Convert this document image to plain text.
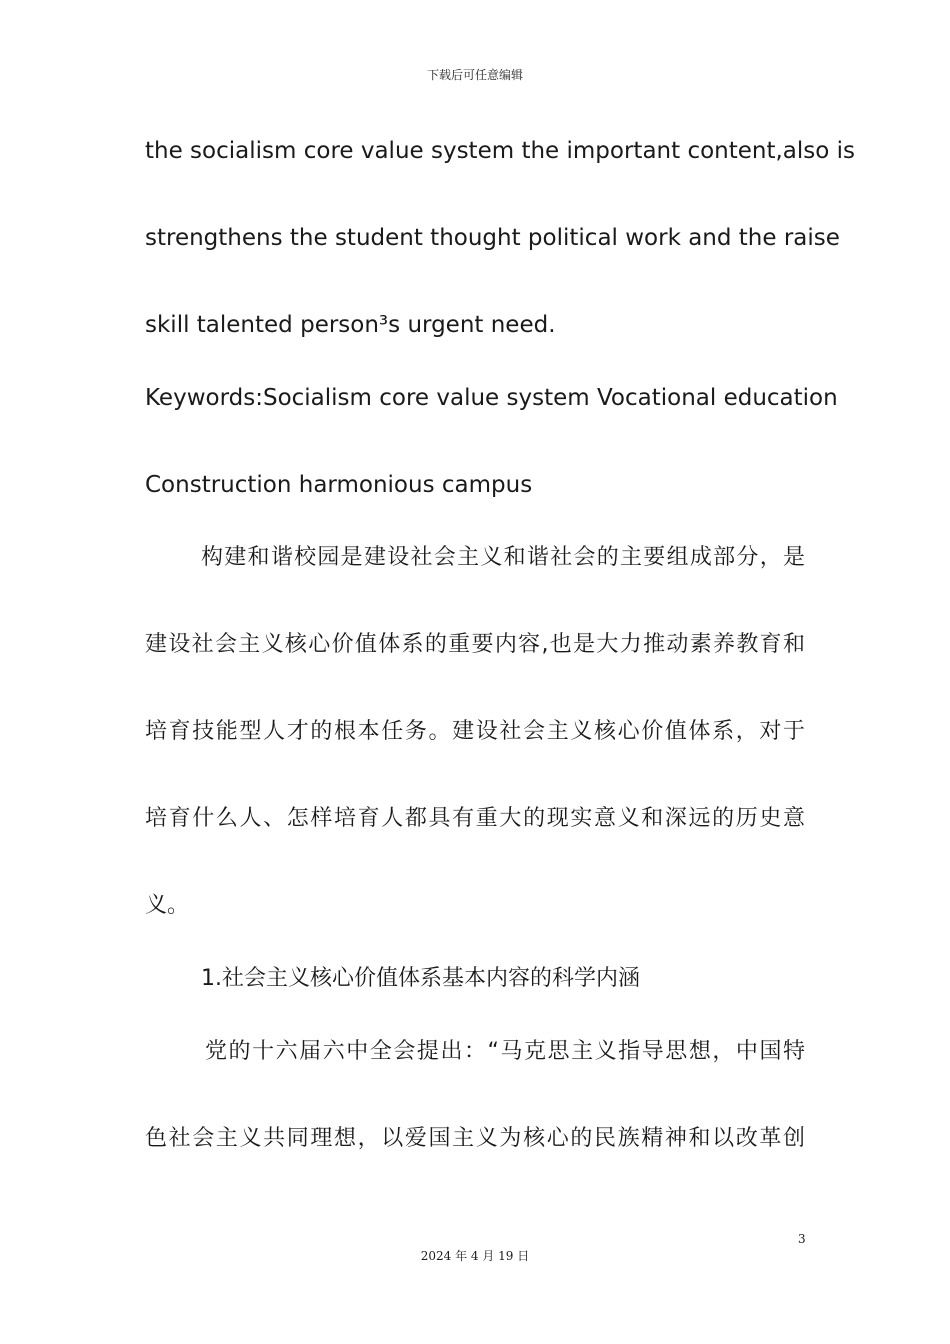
下载后可任意编辑
the socialism core value system the important content,also is
strengthens the student thought political work and the raise
skill talented person³s urgent need.
Keywords:Socialism core value system Vocational education
Construction harmonious campus
构建和谐校园是建设社会主义和谐社会的主要组成部分，是
建设社会主义核心价值体系的重要内容,也是大力推动素养教育和
培育技能型人才的根本任务。建设社会主义核心价值体系，对于
培育什么人、怎样培育人都具有重大的现实意义和深远的历史意
义。
1.社会主义核心价值体系基本内容的科学内涵
党的十六届六中全会提出：“马克思主义指导思想，中国特
色社会主义共同理想，以爱国主义为核心的民族精神和以改革创
3
2024 年 4 月 19 日
